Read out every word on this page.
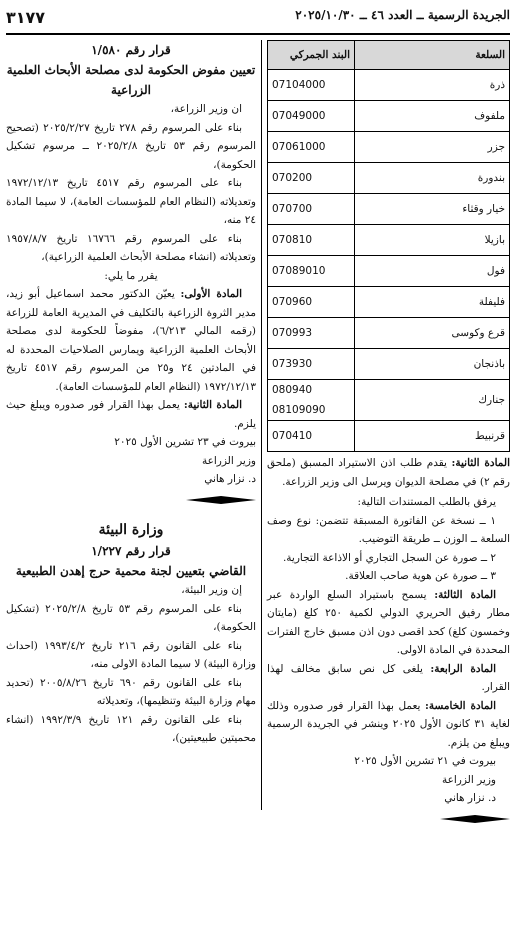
الجريدة الرسمية ــ العدد ٤٦ ــ ٢٠٢٥/١٠/٣٠
٣١٧٧
السلعة	البند الجمركي
ذرة	07104000

ملفوف	07049000

جزر	07061000

بندورة	070200

خيار وقثاء	070700

بازيلا	070810

فول	07089010

فليفلة	070960

قرع وكوسى	070993

باذنجان	073930

جنارك	080940
08109090

قرنبيط	070410

المادة الثانية: يقدم طلب اذن الاستيراد المسبق (ملحق رقم ٢) في مصلحة الديوان ويرسل الى وزير الزراعة.

يرفق بالطلب المستندات التالية:

١ ــ نسخة عن الفاتورة المسبقة تتضمن: نوع وصف السلعة ــ الوزن ــ طريقة التوضيب.

٢ ــ صورة عن السجل التجاري أو الاذاعة التجارية.

٣ ــ صورة عن هوية صاحب العلاقة.

المادة الثالثة: يسمح باستيراد السلع الواردة عبر مطار رفيق الحريري الدولي لكمية ٢٥٠ كلغ (مايتان وخمسون كلغ) كحد اقصى دون اذن مسبق خارج الفترات المحددة في المادة الاولى.

المادة الرابعة: يلغى كل نص سابق مخالف لهذا القرار.

المادة الخامسة: يعمل بهذا القرار فور صدوره وذلك لغاية ٣١ كانون الأول ٢٠٢٥ وينشر في الجريدة الرسمية ويبلغ من يلزم.

بيروت في ٢١ تشرين الأول ٢٠٢٥

وزير الزراعة

د. نزار هاني

قرار رقم ١/٥٨٠

تعيين مفوض الحكومة لدى مصلحة الأبحاث العلمية الزراعية

ان وزير الزراعة،

بناء على المرسوم رقم ٢٧٨ تاريخ ٢٠٢٥/٢/٢٧ (تصحيح المرسوم رقم ٥٣ تاريخ ٢٠٢٥/٢/٨ ــ مرسوم تشكيل الحكومة)،

بناء على المرسوم رقم ٤٥١٧ تاريخ ١٩٧٢/١٢/١٣ وتعديلاته (النظام العام للمؤسسات العامة)، لا سيما المادة ٢٤ منه،

بناء على المرسوم رقم ١٦٧٦٦ تاريخ ١٩٥٧/٨/٧ وتعديلاته (انشاء مصلحة الأبحاث العلمية الزراعية)،

يقرر ما يلي:

المادة الأولى: يعيّن الدكتور محمد اسماعيل أبو زيد، مدير الثروة الزراعية بالتكليف في المديرية العامة للزراعة (رقمه المالي ٦/٢١٣)، مفوضاً للحكومة لدى مصلحة الأبحاث العلمية الزراعية ويمارس الصلاحيات المحددة له في المادتين ٢٤ و٢٥ من المرسوم رقم ٤٥١٧ تاريخ ١٩٧٢/١٢/١٣ (النظام العام للمؤسسات العامة).

المادة الثانية: يعمل بهذا القرار فور صدوره ويبلغ حيث يلزم.

بيروت في ٢٣ تشرين الأول ٢٠٢٥

وزير الزراعة

د. نزار هاني

وزارة البيئة

قرار رقم ١/٢٢٧

القاضي بتعيين لجنة محمية حرج إهدن الطبيعية

إن وزير البيئة،

بناء على المرسوم رقم ٥٣ تاريخ ٢٠٢٥/٢/٨ (تشكيل الحكومة)،

بناء على القانون رقم ٢١٦ تاريخ ١٩٩٣/٤/٢ (احداث وزارة البيئة) لا سيما المادة الاولى منه،

بناء على القانون رقم ٦٩٠ تاريخ ٢٠٠٥/٨/٢٦ (تحديد مهام وزارة البيئة وتنظيمها)، وتعديلاته

بناء على القانون رقم ١٢١ تاريخ ١٩٩٢/٣/٩ (انشاء محميتين طبيعيتين)،
